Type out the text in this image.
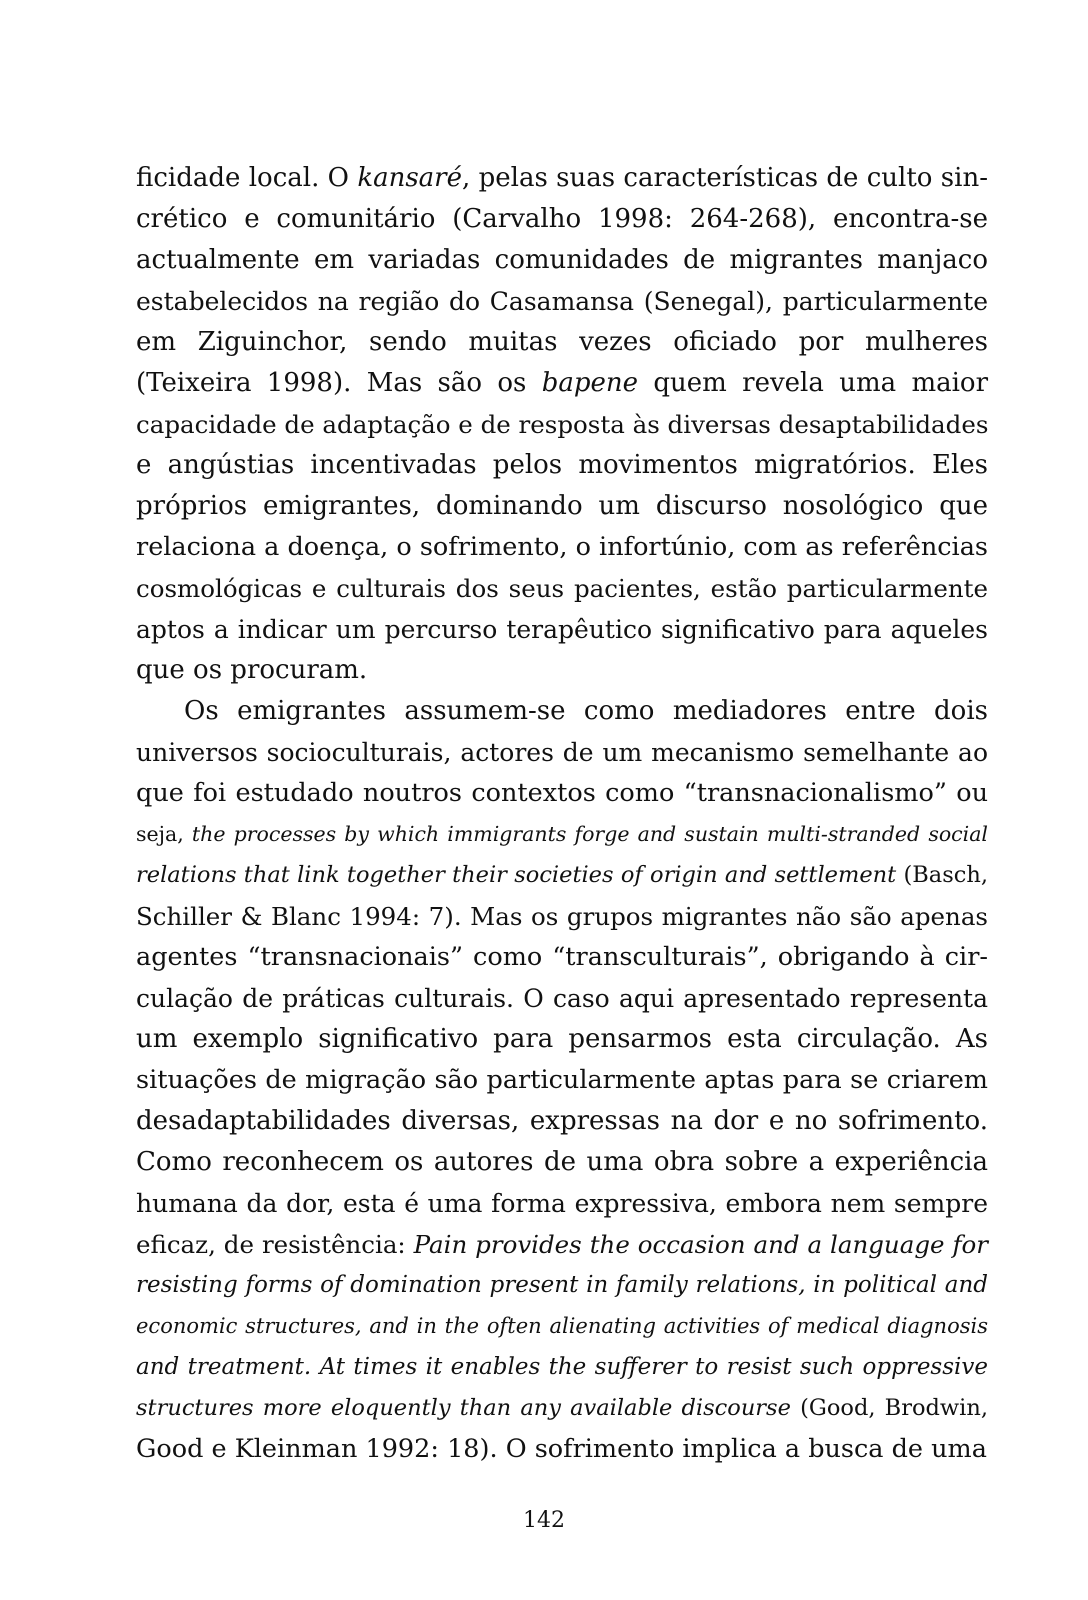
ficidade local. O kansaré, pelas suas características de culto sin-
crético e comunitário (Carvalho 1998: 264-268), encontra-se
actualmente em variadas comunidades de migrantes manjaco
estabelecidos na região do Casamansa (Senegal), particularmente
em Ziguinchor, sendo muitas vezes oficiado por mulheres
(Teixeira 1998). Mas são os bapene quem revela uma maior
capacidade de adaptação e de resposta às diversas desaptabilidades
e angústias incentivadas pelos movimentos migratórios. Eles
próprios emigrantes, dominando um discurso nosológico que
relaciona a doença, o sofrimento, o infortúnio, com as referências
cosmológicas e culturais dos seus pacientes, estão particularmente
aptos a indicar um percurso terapêutico significativo para aqueles
que os procuram.
Os emigrantes assumem-se como mediadores entre dois
universos socioculturais, actores de um mecanismo semelhante ao
que foi estudado noutros contextos como “transnacionalismo” ou
seja, the processes by which immigrants forge and sustain multi-stranded social
relations that link together their societies of origin and settlement (Basch,
Schiller & Blanc 1994: 7). Mas os grupos migrantes não são apenas
agentes “transnacionais” como “transculturais”, obrigando à cir-
culação de práticas culturais. O caso aqui apresentado representa
um exemplo significativo para pensarmos esta circulação. As
situações de migração são particularmente aptas para se criarem
desadaptabilidades diversas, expressas na dor e no sofrimento.
Como reconhecem os autores de uma obra sobre a experiência
humana da dor, esta é uma forma expressiva, embora nem sempre
eficaz, de resistência: Pain provides the occasion and a language for
resisting forms of domination present in family relations, in political and
economic structures, and in the often alienating activities of medical diagnosis
and treatment. At times it enables the sufferer to resist such oppressive
structures more eloquently than any available discourse (Good, Brodwin,
Good e Kleinman 1992: 18). O sofrimento implica a busca de uma
142
